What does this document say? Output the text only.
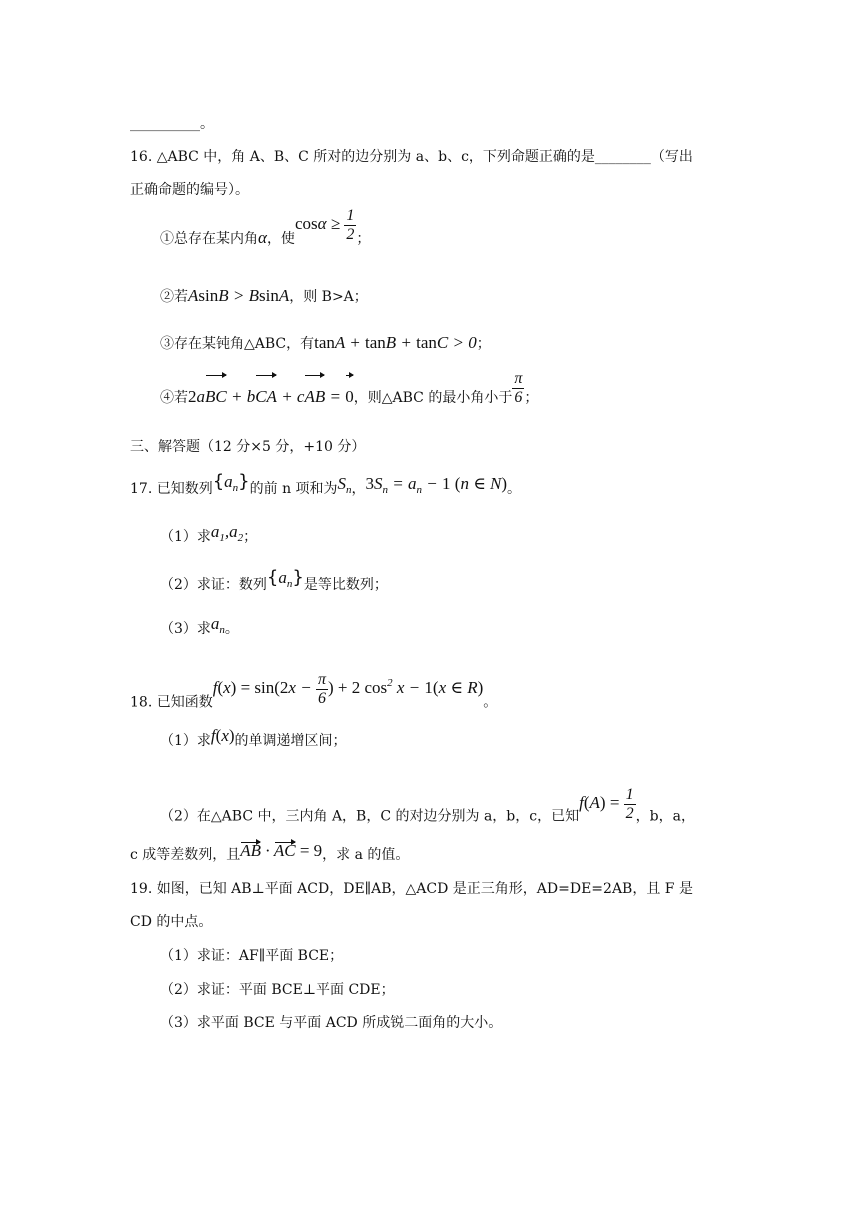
__________。
16. △ABC 中，角 A、B、C 所对的边分别为 a、b、c，下列命题正确的是________（写出
正确命题的编号）。
①总存在某内角α，使$\cos\alpha \ge \frac{1}{2}$ ；
②若AsinB > BsinA，则 B>A；
③存在某钝角△ABC，有tanA + tanB + tanC > 0；
④若2aBC + bCA + cAB = 0，则△ABC 的最小角小于 $\frac{\pi}{6}$ ；
三、解答题（12 分×5 分，+10 分）
17. 已知数列$\{a_n\}$的前 n 项和为$S_n$，$3S_n = a_n - 1$ (n ∈ N)。
（1）求$a_1,a_2$；
（2）求证：数列$\{a_n\}$是等比数列；
（3）求$a_n$。
18. 已知函数$f(x) = \sin(2x - \frac{\pi}{6}$ ) + 2 $\cos^2 x - 1(x$ ∈ R)。
（1）求f(x)的单调递增区间；
（2）在△ABC 中，三内角 A，B，C 的对边分别为 a，b，c，已知$f(A) = \frac{1}{2}$ ，b，a，
c 成等差数列，且AB · AC = 9，求 a 的值。
19. 如图，已知 AB⊥平面 ACD，DE∥AB，△ACD 是正三角形，AD=DE=2AB，且 F 是
CD 的中点。
（1）求证：AF∥平面 BCE；
（2）求证：平面 BCE⊥平面 CDE；
（3）求平面 BCE 与平面 ACD 所成锐二面角的大小。
